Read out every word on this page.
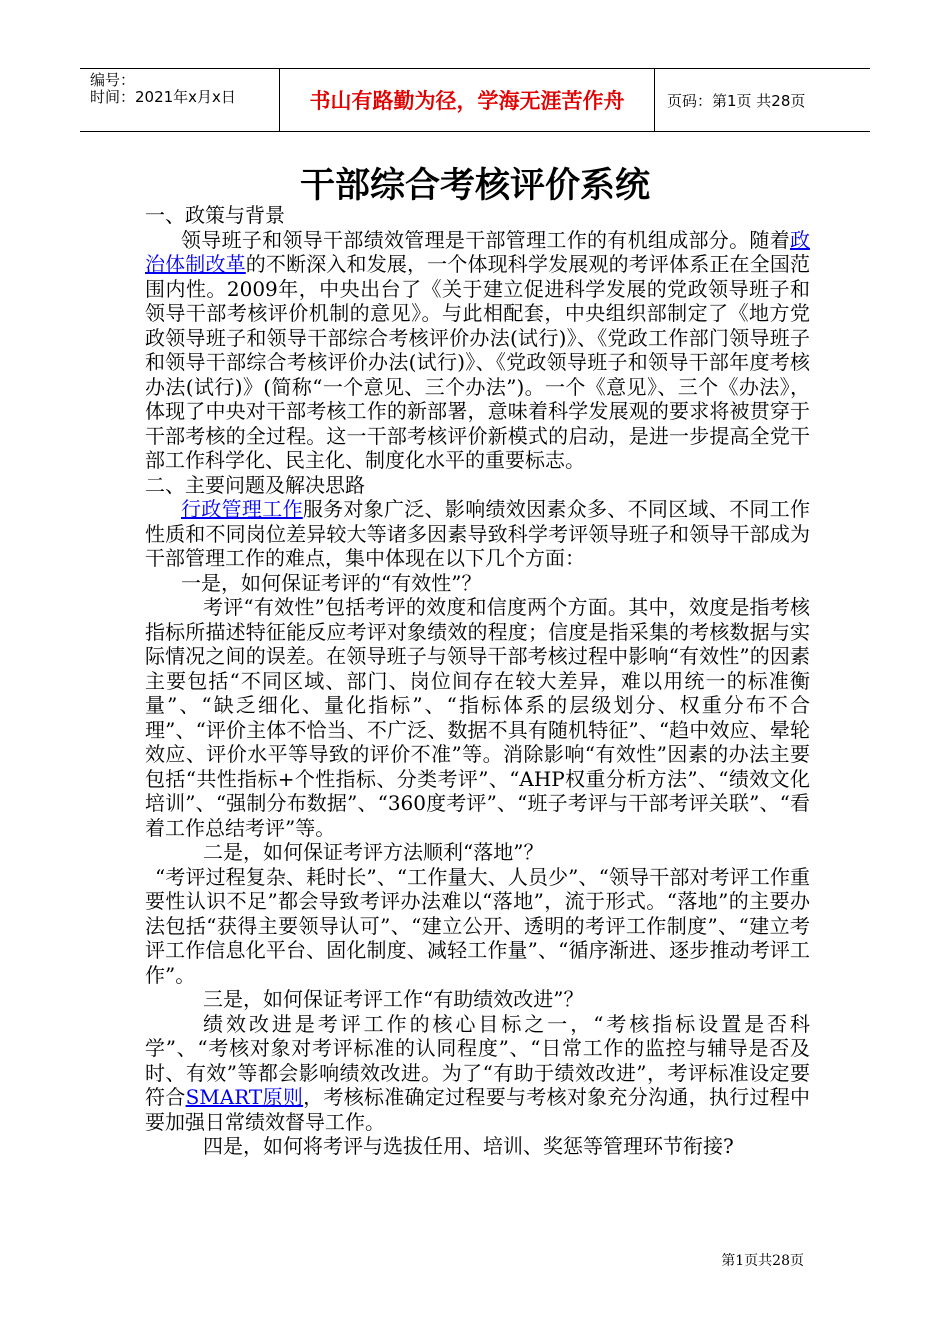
编号：
时间：2021年x月x日	书山有路勤为径，学海无涯苦作舟	页码：第1页 共28页
干部综合考核评价系统

一、政策与背景

领导班子和领导干部绩效管理是干部管理工作的有机组成部分。随着政治体制改革的不断深入和发展，一个体现科学发展观的考评体系正在全国范围内性。2009年，中央出台了《关于建立促进科学发展的党政领导班子和领导干部考核评价机制的意见》。与此相配套，中央组织部制定了《地方党政领导班子和领导干部综合考核评价办法(试行)》、《党政工作部门领导班子和领导干部综合考核评价办法(试行)》、《党政领导班子和领导干部年度考核办法(试行)》(简称“一个意见、三个办法”)。一个《意见》、三个《办法》，体现了中央对干部考核工作的新部署，意味着科学发展观的要求将被贯穿于干部考核的全过程。这一干部考核评价新模式的启动，是进一步提高全党干部工作科学化、民主化、制度化水平的重要标志。

二、主要问题及解决思路

行政管理工作服务对象广泛、影响绩效因素众多、不同区域、不同工作性质和不同岗位差异较大等诸多因素导致科学考评领导班子和领导干部成为干部管理工作的难点，集中体现在以下几个方面：

一是，如何保证考评的“有效性”？

考评“有效性”包括考评的效度和信度两个方面。其中，效度是指考核指标所描述特征能反应考评对象绩效的程度；信度是指采集的考核数据与实际情况之间的误差。在领导班子与领导干部考核过程中影响“有效性”的因素主要包括“不同区域、部门、岗位间存在较大差异，难以用统一的标准衡量”、“缺乏细化、量化指标”、“指标体系的层级划分、权重分布不合理”、“评价主体不恰当、不广泛、数据不具有随机特征”、“趋中效应、晕轮效应、评价水平等导致的评价不准”等。消除影响“有效性”因素的办法主要包括“共性指标+个性指标、分类考评”、“AHP权重分析方法”、“绩效文化培训”、“强制分布数据”、“360度考评”、“班子考评与干部考评关联”、“看着工作总结考评”等。

二是，如何保证考评方法顺利“落地”？

“考评过程复杂、耗时长”、“工作量大、人员少”、“领导干部对考评工作重要性认识不足”都会导致考评办法难以“落地”，流于形式。“落地”的主要办法包括“获得主要领导认可”、“建立公开、透明的考评工作制度”、“建立考评工作信息化平台、固化制度、减轻工作量”、“循序渐进、逐步推动考评工作”。

三是，如何保证考评工作“有助绩效改进”？

绩效改进是考评工作的核心目标之一，“考核指标设置是否科学”、“考核对象对考评标准的认同程度”、“日常工作的监控与辅导是否及时、有效”等都会影响绩效改进。为了“有助于绩效改进”，考评标准设定要符合SMART原则，考核标准确定过程要与考核对象充分沟通，执行过程中要加强日常绩效督导工作。

四是，如何将考评与选拔任用、培训、奖惩等管理环节衔接?

第1页共28页
